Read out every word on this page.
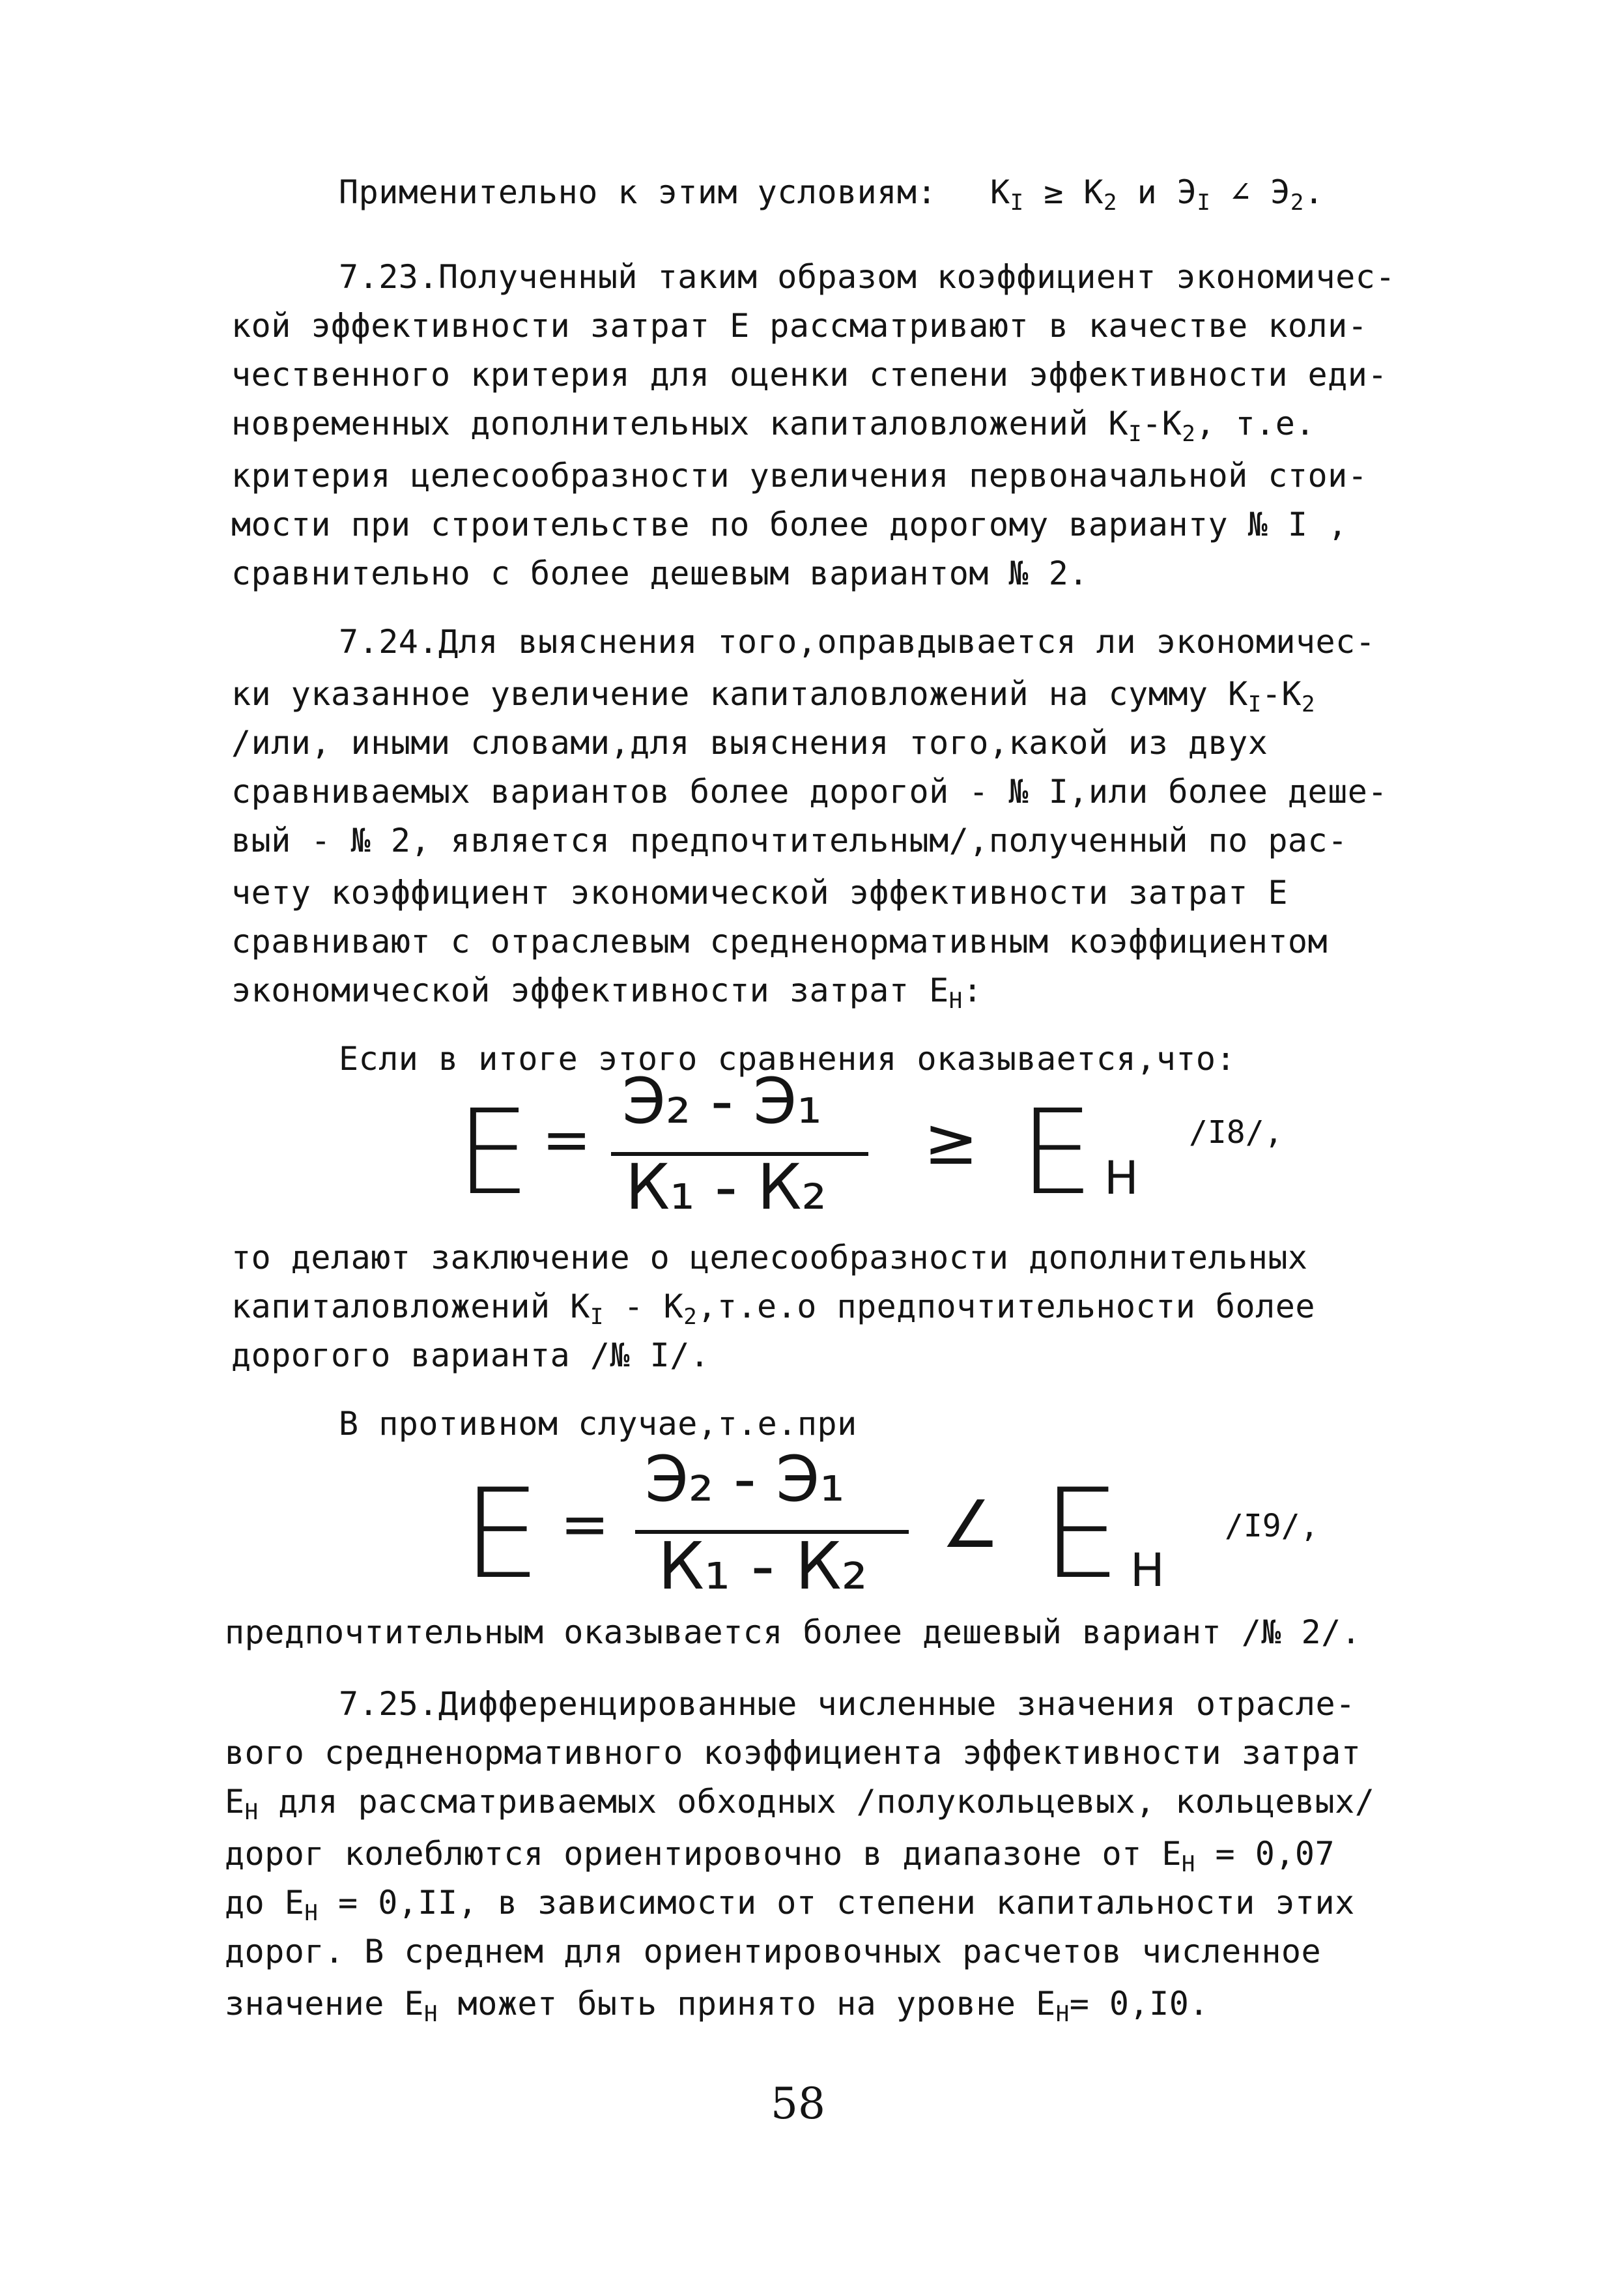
Применительно к этим условиям: $К_I \ge К_2$ и $Э_I$ ∠ $Э_2$.
7.23.Полученный таким образом коэффициент экономичес-
кой эффективности затрат Е рассматривают в качестве коли-
чественного критерия для оценки степени эффективности еди-
новременных дополнительных капиталовложений $К_I-К_2$, т.е.
критерия целесообразности увеличения первоначальной стои-
мости при строительстве по более дорогому варианту № I ,
сравнительно с более дешевым вариантом № 2.
7.24.Для выяснения того,оправдывается ли экономичес-
ки указанное увеличение капиталовложений на сумму $К_I-К_2$
/или, иными словами,для выяснения того,какой из двух
сравниваемых вариантов более дорогой - № I,или более деше-
вый - № 2, является предпочтительным/,полученный по рас-
чету коэффициент экономической эффективности затрат Е
сравнивают с отраслевым средненормативным коэффициентом
экономической эффективности затрат $Е_Н$:
Если в итоге этого сравнения оказывается,что:
то делают заключение о целесообразности дополнительных
капиталовложений $К_I - К_2,т.е.о$ предпочтительности более
дорогого варианта /№ I/.
В противном случае,т.е.при
предпочтительным оказывается более дешевый вариант /№ 2/.
7.25.Дифференцированные численные значения отрасле-
вого средненормативного коэффициента эффективности затрат
$Е_Н$ для рассматриваемых обходных /полукольцевых, кольцевых/
дорог колеблются ориентировочно в диапазоне от $Е_Н = 0,07$
до $Е_Н = 0,II$, в зависимости от степени капитальности этих
дорог. В среднем для ориентировочных расчетов численное
значение $Е_Н$ может быть принято на уровне $Е_Н= 0,I0$.
Е =
Э₂ - Э₁
К₁ - К₂
≥ Е Н
/I8/,
Е =
Э₂ - Э₁
К₁ - К₂
∠ Е Н
/I9/,
58
